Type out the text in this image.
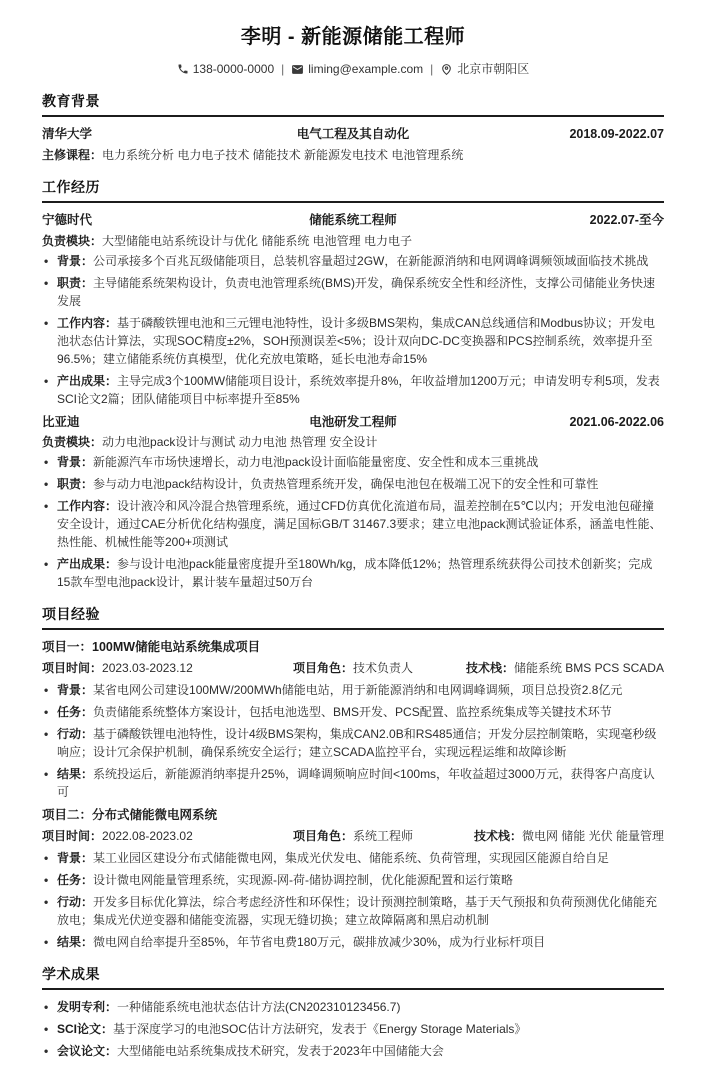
李明 - 新能源储能工程师
138-0000-0000 | liming@example.com | 北京市朝阳区
教育背景
清华大学	电气工程及其自动化	2018.09-2022.07
主修课程：电力系统分析 电力电子技术 储能技术 新能源发电技术 电池管理系统
工作经历
宁德时代	储能系统工程师	2022.07-至今
负责模块：大型储能电站系统设计与优化 储能系统 电池管理 电力电子
• 背景：公司承接多个百兆瓦级储能项目，总装机容量超过2GW，在新能源消纳和电网调峰调频领域面临技术挑战
• 职责：主导储能系统架构设计，负责电池管理系统(BMS)开发，确保系统安全性和经济性，支撑公司储能业务快速发展
• 工作内容：基于磷酸铁锂电池和三元锂电池特性，设计多级BMS架构，集成CAN总线通信和Modbus协议；开发电池状态估计算法，实现SOC精度±2%，SOH预测误差<5%；设计双向DC-DC变换器和PCS控制系统，效率提升至96.5%；建立储能系统仿真模型，优化充放电策略，延长电池寿命15%
• 产出成果：主导完成3个100MW储能项目设计，系统效率提升8%，年收益增加1200万元；申请发明专利5项，发表SCI论文2篇；团队储能项目中标率提升至85%
比亚迪	电池研发工程师	2021.06-2022.06
负责模块：动力电池pack设计与测试 动力电池 热管理 安全设计
• 背景：新能源汽车市场快速增长，动力电池pack设计面临能量密度、安全性和成本三重挑战
• 职责：参与动力电池pack结构设计，负责热管理系统开发，确保电池包在极端工况下的安全性和可靠性
• 工作内容：设计液冷和风冷混合热管理系统，通过CFD仿真优化流道布局，温差控制在5℃以内；开发电池包碰撞安全设计，通过CAE分析优化结构强度，满足国标GB/T 31467.3要求；建立电池pack测试验证体系，涵盖电性能、热性能、机械性能等200+项测试
• 产出成果：参与设计电池pack能量密度提升至180Wh/kg，成本降低12%；热管理系统获得公司技术创新奖；完成15款车型电池pack设计，累计装车量超过50万台
项目经验
项目一：100MW储能电站系统集成项目
项目时间：2023.03-2023.12	项目角色：技术负责人	技术栈：储能系统 BMS PCS SCADA
• 背景：某省电网公司建设100MW/200MWh储能电站，用于新能源消纳和电网调峰调频，项目总投资2.8亿元
• 任务：负责储能系统整体方案设计，包括电池选型、BMS开发、PCS配置、监控系统集成等关键技术环节
• 行动：基于磷酸铁锂电池特性，设计4级BMS架构，集成CAN2.0B和RS485通信；开发分层控制策略，实现毫秒级响应；设计冗余保护机制，确保系统安全运行；建立SCADA监控平台，实现远程运维和故障诊断
• 结果：系统投运后，新能源消纳率提升25%，调峰调频响应时间<100ms，年收益超过3000万元，获得客户高度认可
项目二：分布式储能微电网系统
项目时间：2022.08-2023.02	项目角色：系统工程师	技术栈：微电网 储能 光伏 能量管理
• 背景：某工业园区建设分布式储能微电网，集成光伏发电、储能系统、负荷管理，实现园区能源自给自足
• 任务：设计微电网能量管理系统，实现源-网-荷-储协调控制，优化能源配置和运行策略
• 行动：开发多目标优化算法，综合考虑经济性和环保性；设计预测控制策略，基于天气预报和负荷预测优化储能充放电；集成光伏逆变器和储能变流器，实现无缝切换；建立故障隔离和黑启动机制
• 结果：微电网自给率提升至85%，年节省电费180万元，碳排放减少30%，成为行业标杆项目
学术成果
• 发明专利：一种储能系统电池状态估计方法(CN202310123456.7)
• SCI论文：基于深度学习的电池SOC估计方法研究，发表于《Energy Storage Materials》
• 会议论文：大型储能电站系统集成技术研究，发表于2023年中国储能大会
